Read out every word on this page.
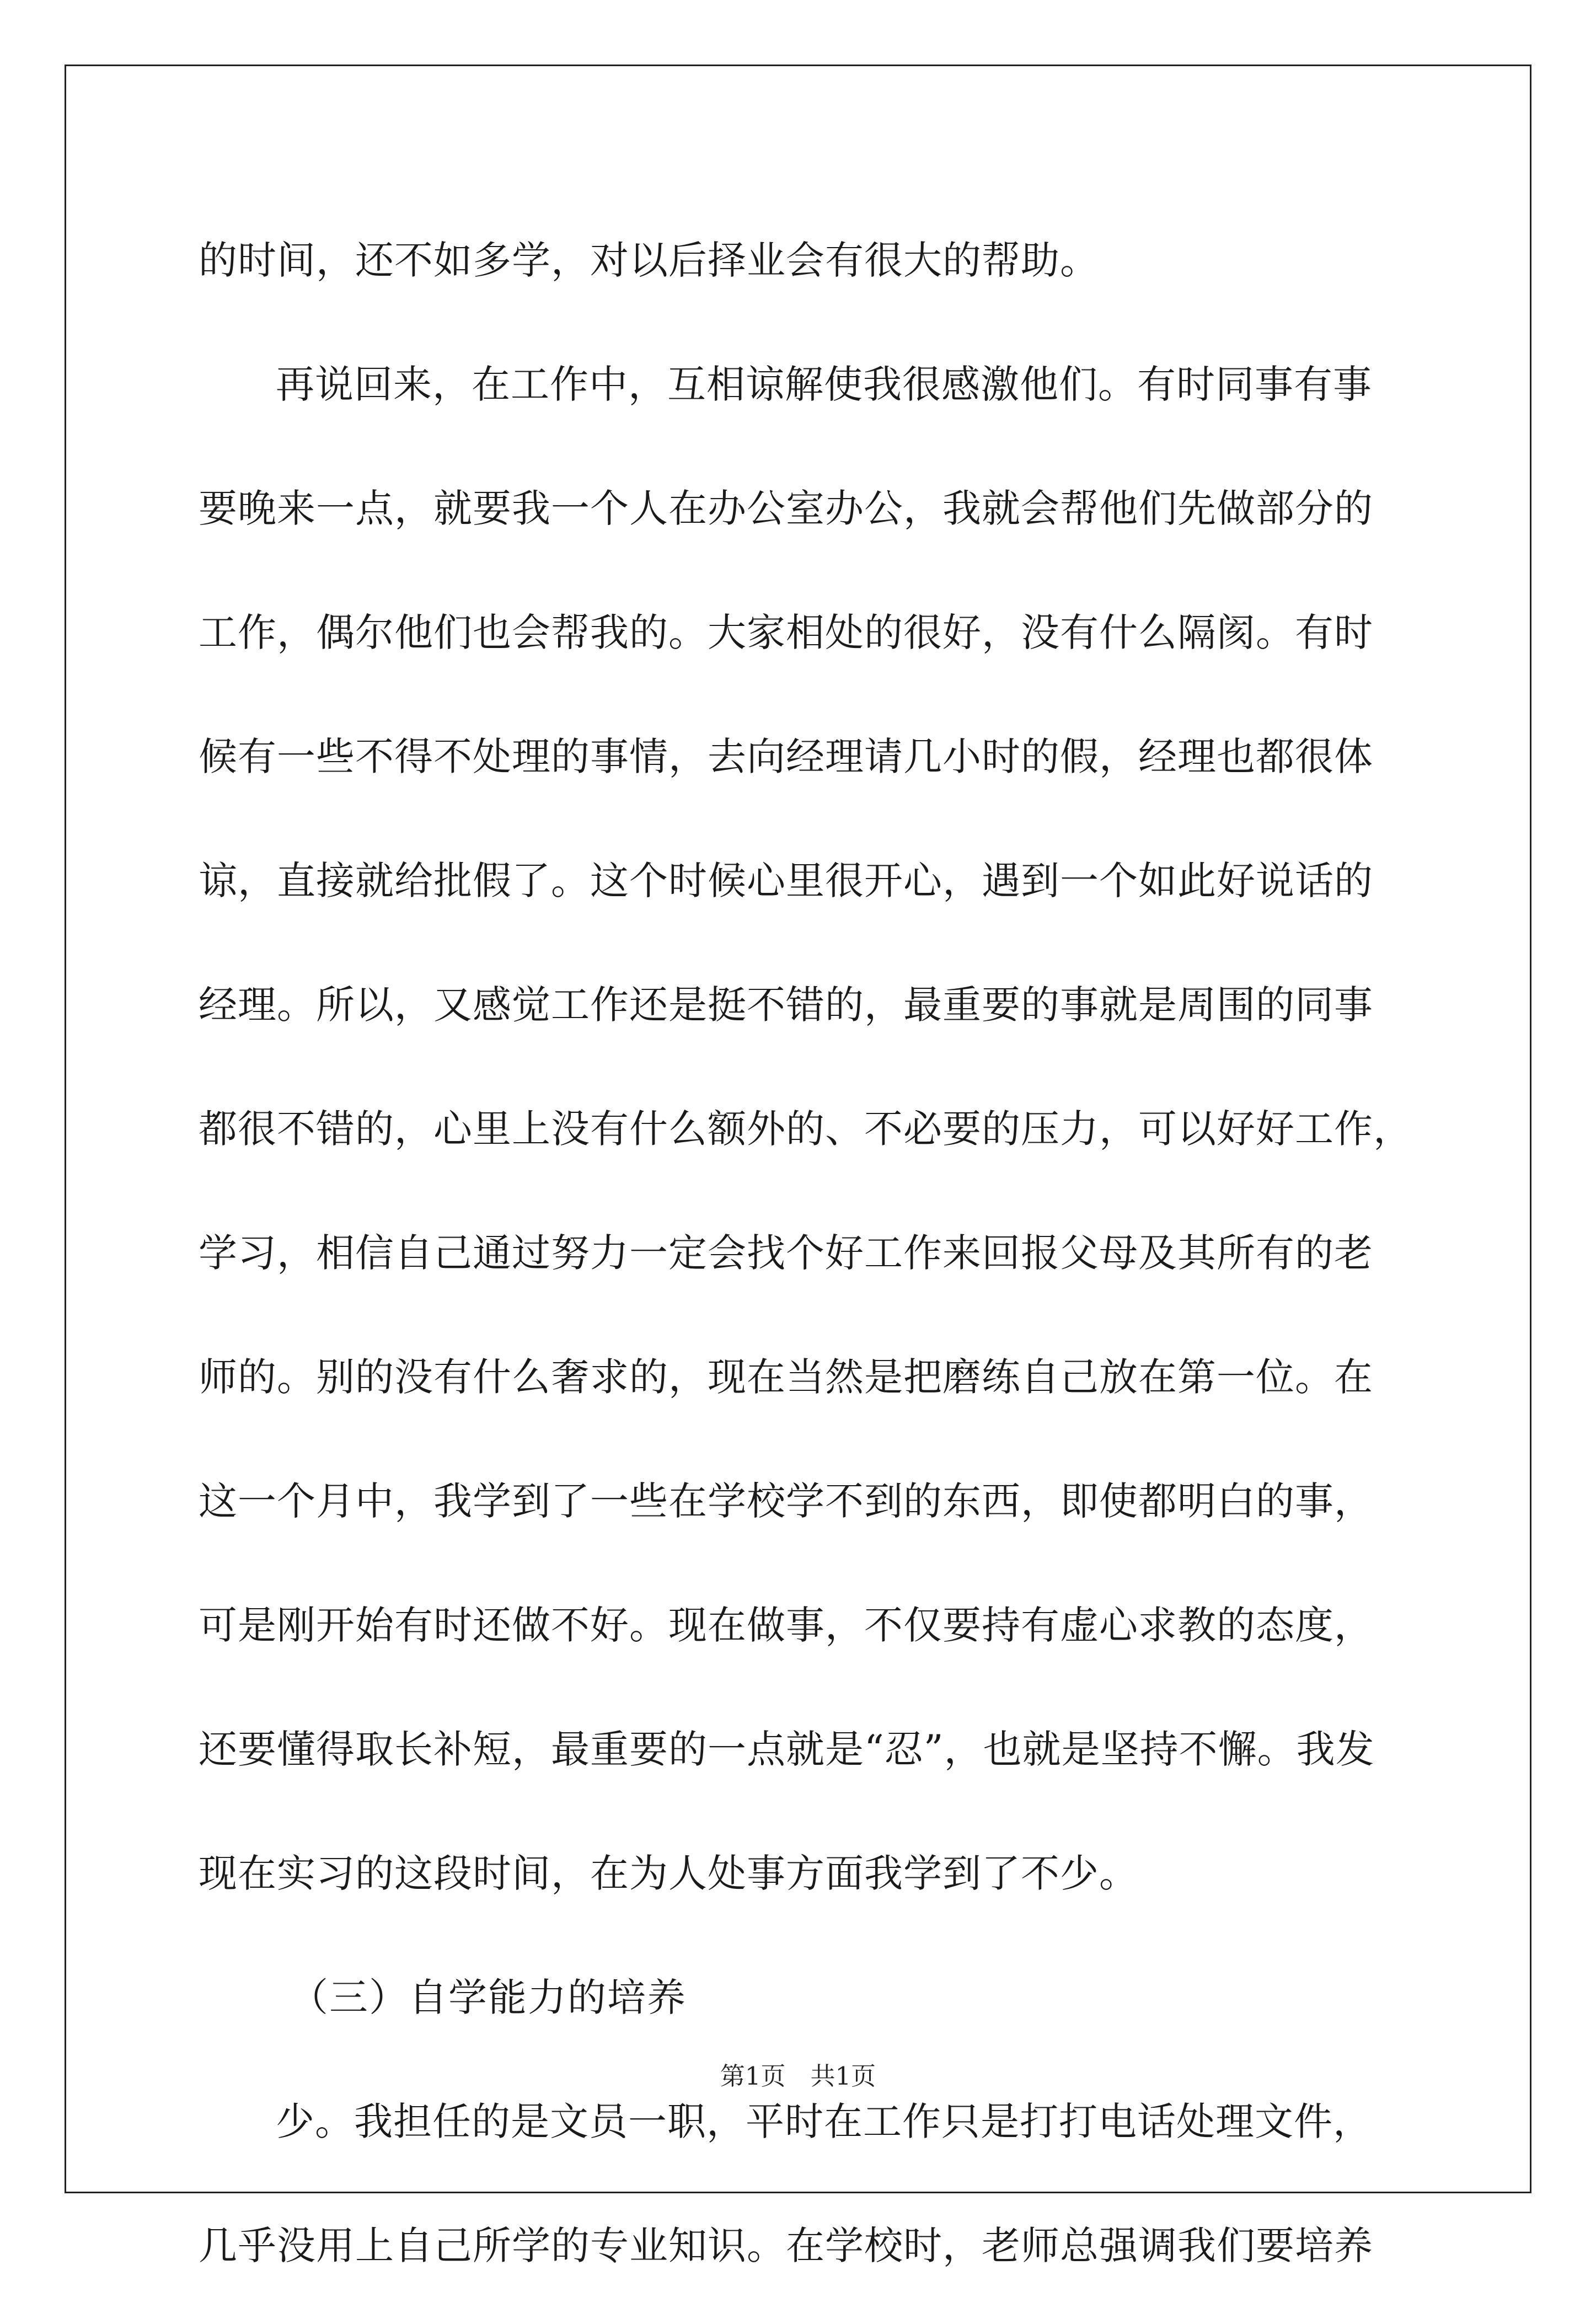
的时间，还不如多学，对以后择业会有很大的帮助。
再说回来，在工作中，互相谅解使我很感激他们。有时同事有事
要晚来一点，就要我一个人在办公室办公，我就会帮他们先做部分的
工作，偶尔他们也会帮我的。大家相处的很好，没有什么隔阂。有时
候有一些不得不处理的事情，去向经理请几小时的假，经理也都很体
谅，直接就给批假了。这个时候心里很开心，遇到一个如此好说话的
经理。所以，又感觉工作还是挺不错的，最重要的事就是周围的同事
都很不错的，心里上没有什么额外的、不必要的压力，可以好好工作，
学习，相信自己通过努力一定会找个好工作来回报父母及其所有的老
师的。别的没有什么奢求的，现在当然是把磨练自己放在第一位。在
这一个月中，我学到了一些在学校学不到的东西，即使都明白的事，
可是刚开始有时还做不好。现在做事，不仅要持有虚心求教的态度，
还要懂得取长补短，最重要的一点就是“忍”，也就是坚持不懈。我发
现在实习的这段时间，在为人处事方面我学到了不少。
（三）自学能力的培养
少。我担任的是文员一职，平时在工作只是打打电话处理文件，
几乎没用上自己所学的专业知识。在学校时，老师总强调我们要培养
第1页　共1页
